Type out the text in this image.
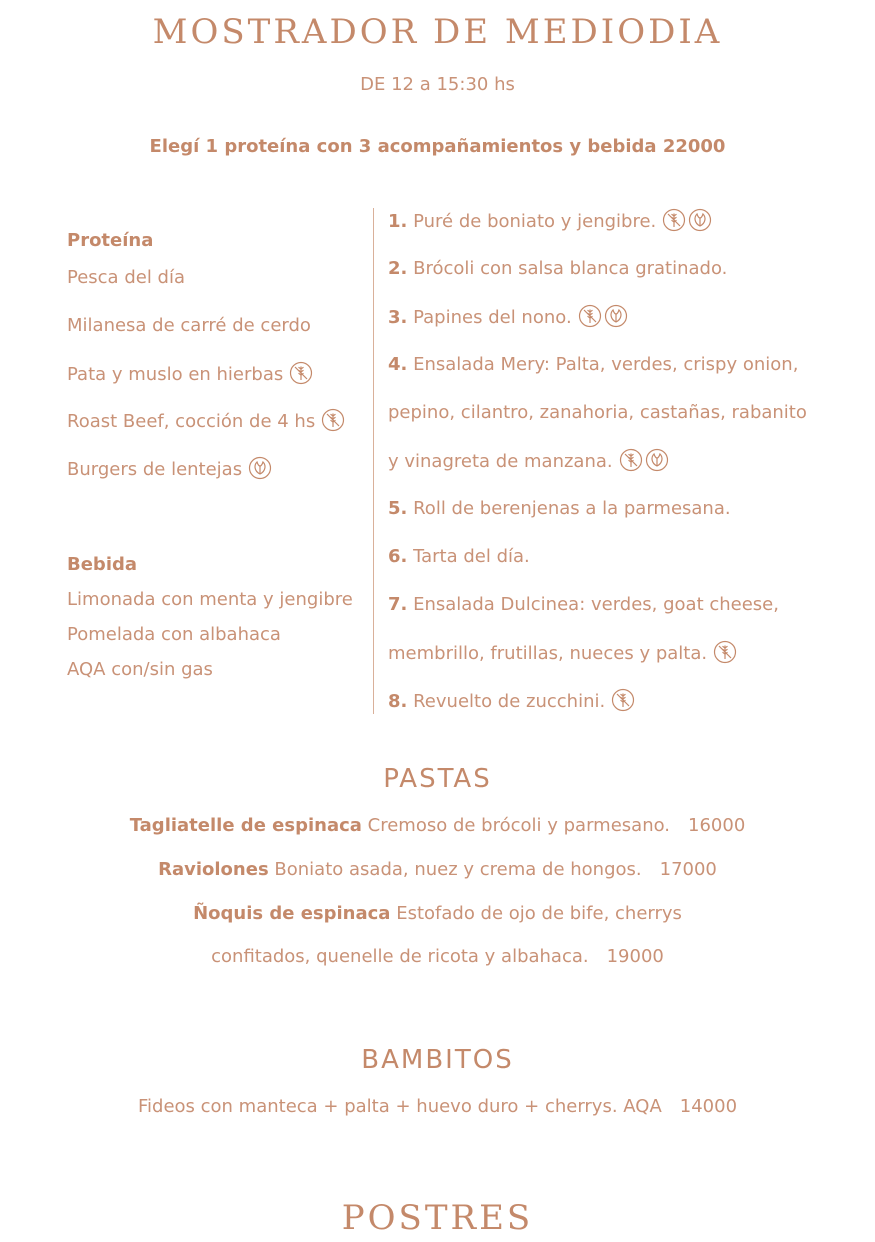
MOSTRADOR DE MEDIODIA
DE 12 a 15:30 hs
Elegí 1 proteína con 3 acompañamientos y bebida 22000
Proteína
Pesca del día
Milanesa de carré de cerdo
Pata y muslo en hierbas
Roast Beef, cocción de 4 hs
Burgers de lentejas
Bebida
Limonada con menta y jengibre
Pomelada con albahaca
AQA con/sin gas
1. Puré de boniato y jengibre.
2. Brócoli con salsa blanca gratinado.
3. Papines del nono.
4. Ensalada Mery: Palta, verdes, crispy onion,
pepino, cilantro, zanahoria, castañas, rabanito
y vinagreta de manzana.
5. Roll de berenjenas a la parmesana.
6. Tarta del día.
7. Ensalada Dulcinea: verdes, goat cheese,
membrillo, frutillas, nueces y palta.
8. Revuelto de zucchini.
PASTAS
Tagliatelle de espinaca Cremoso de brócoli y parmesano. 16000
Raviolones Boniato asada, nuez y crema de hongos. 17000
Ñoquis de espinaca Estofado de ojo de bife, cherrys
confitados, quenelle de ricota y albahaca. 19000
BAMBITOS
Fideos con manteca + palta + huevo duro + cherrys. AQA 14000
POSTRES
